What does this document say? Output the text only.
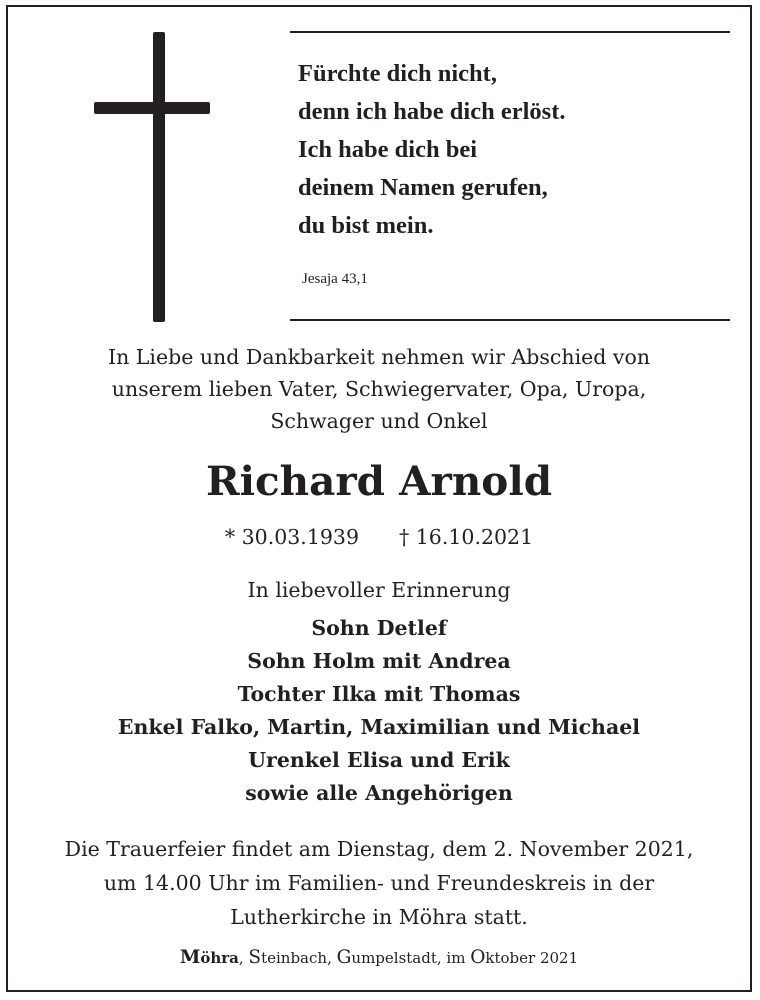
Fürchte dich nicht,
denn ich habe dich erlöst.
Ich habe dich bei
deinem Namen gerufen,
du bist mein.
Jesaja 43,1
In Liebe und Dankbarkeit nehmen wir Abschied von
unserem lieben Vater, Schwiegervater, Opa, Uropa,
Schwager und Onkel
Richard Arnold
* 30.03.1939 † 16.10.2021
In liebevoller Erinnerung
Sohn Detlef
Sohn Holm mit Andrea
Tochter Ilka mit Thomas
Enkel Falko, Martin, Maximilian und Michael
Urenkel Elisa und Erik
sowie alle Angehörigen
Die Trauerfeier findet am Dienstag, dem 2. November 2021,
um 14.00 Uhr im Familien- und Freundeskreis in der
Lutherkirche in Möhra statt.
Möhra, Steinbach, Gumpelstadt, im Oktober 2021
